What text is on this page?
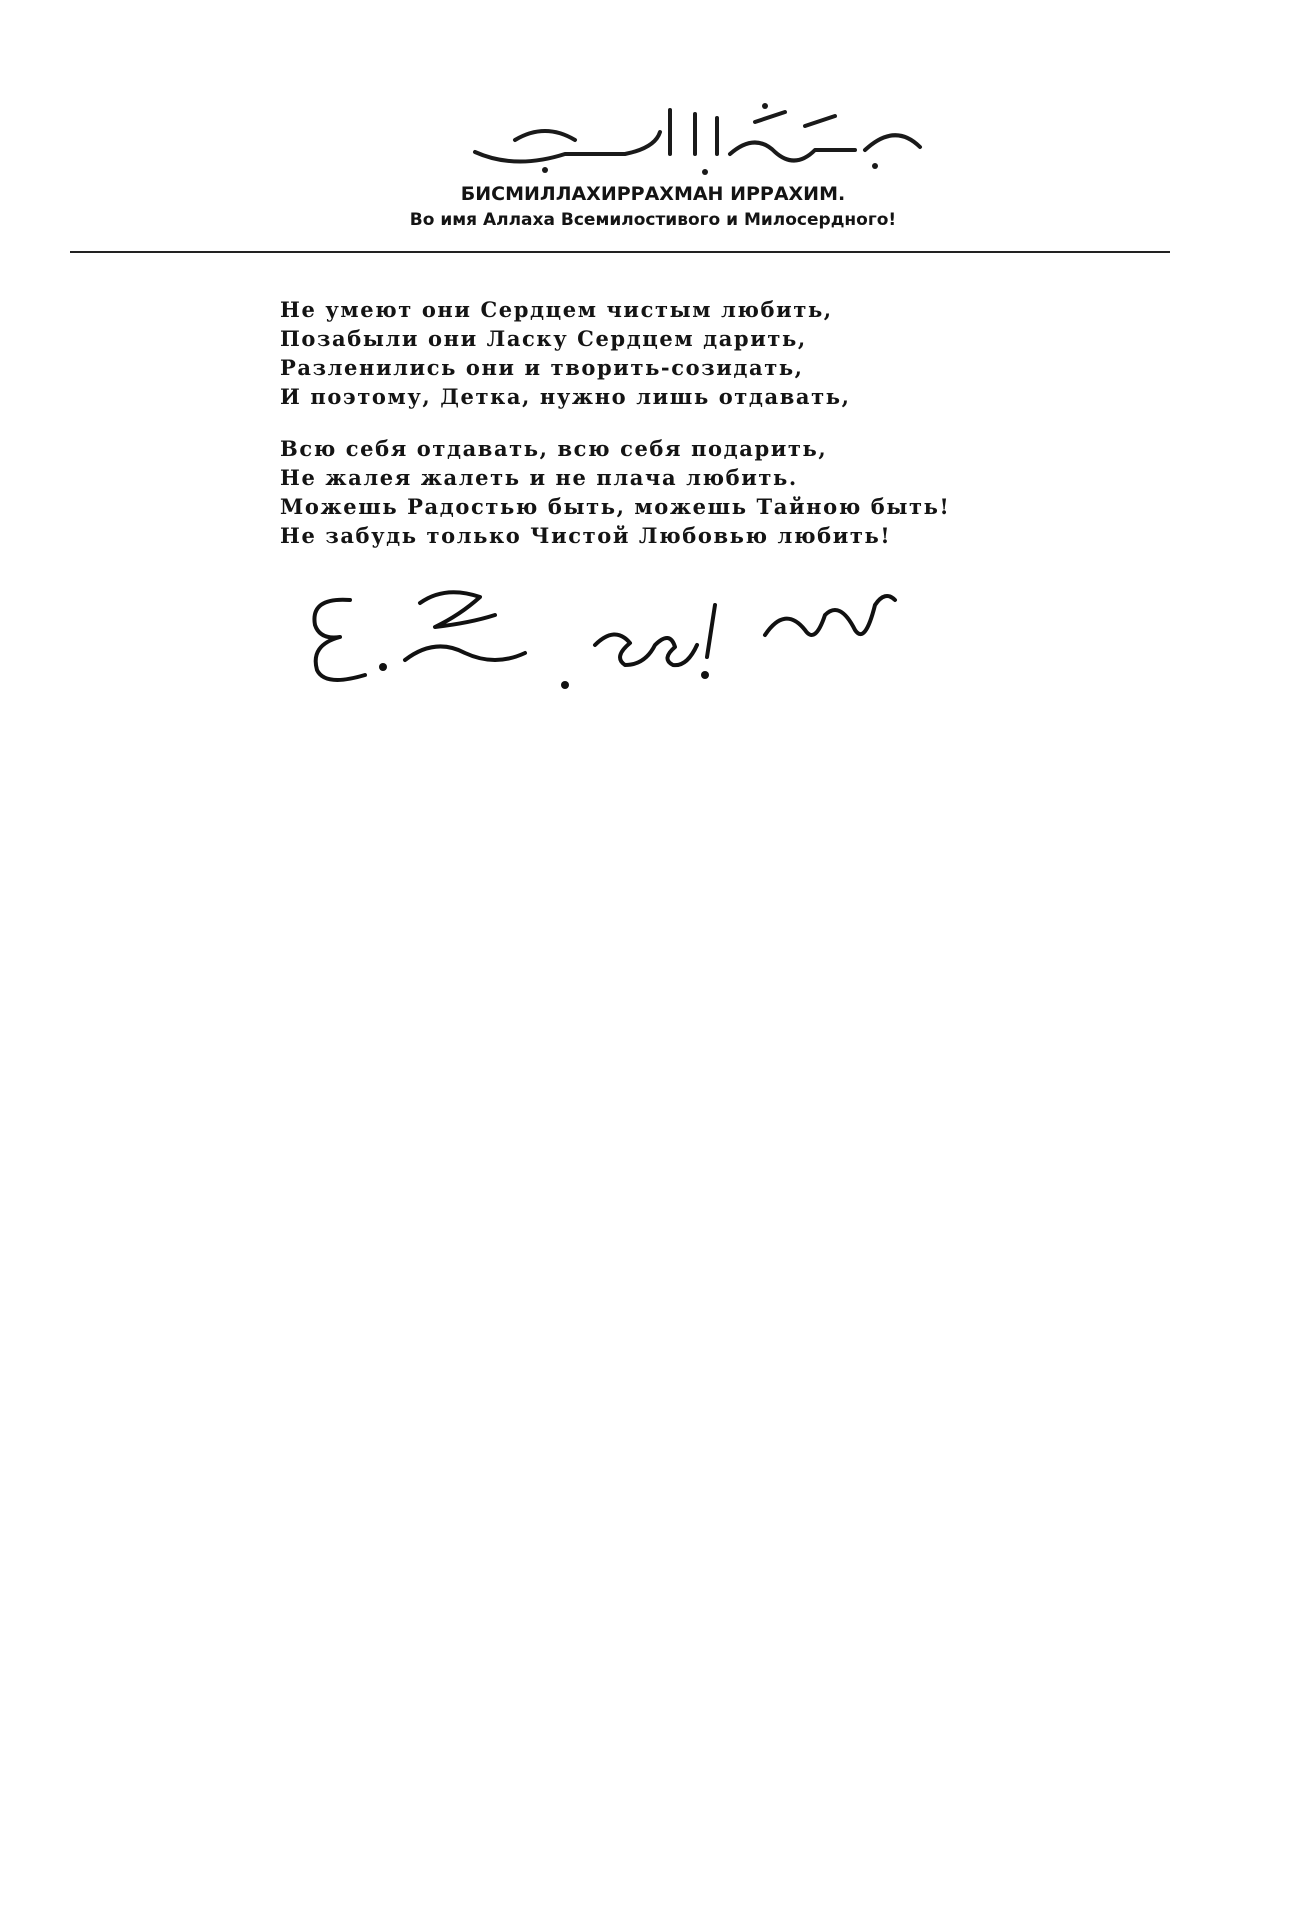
БИСМИЛЛАХИРРАХМАН ИРРАХИМ.
Во имя Аллаха Всемилостивого и Милосердного!
Не умеют они Сердцем чистым любить,
Позабыли они Ласку Сердцем дарить,
Разленились они и творить-созидать,
И поэтому, Детка, нужно лишь отдавать,
Всю себя отдавать, всю себя подарить,
Не жалея жалеть и не плача любить.
Можешь Радостью быть, можешь Тайною быть!
Не забудь только Чистой Любовью любить!
